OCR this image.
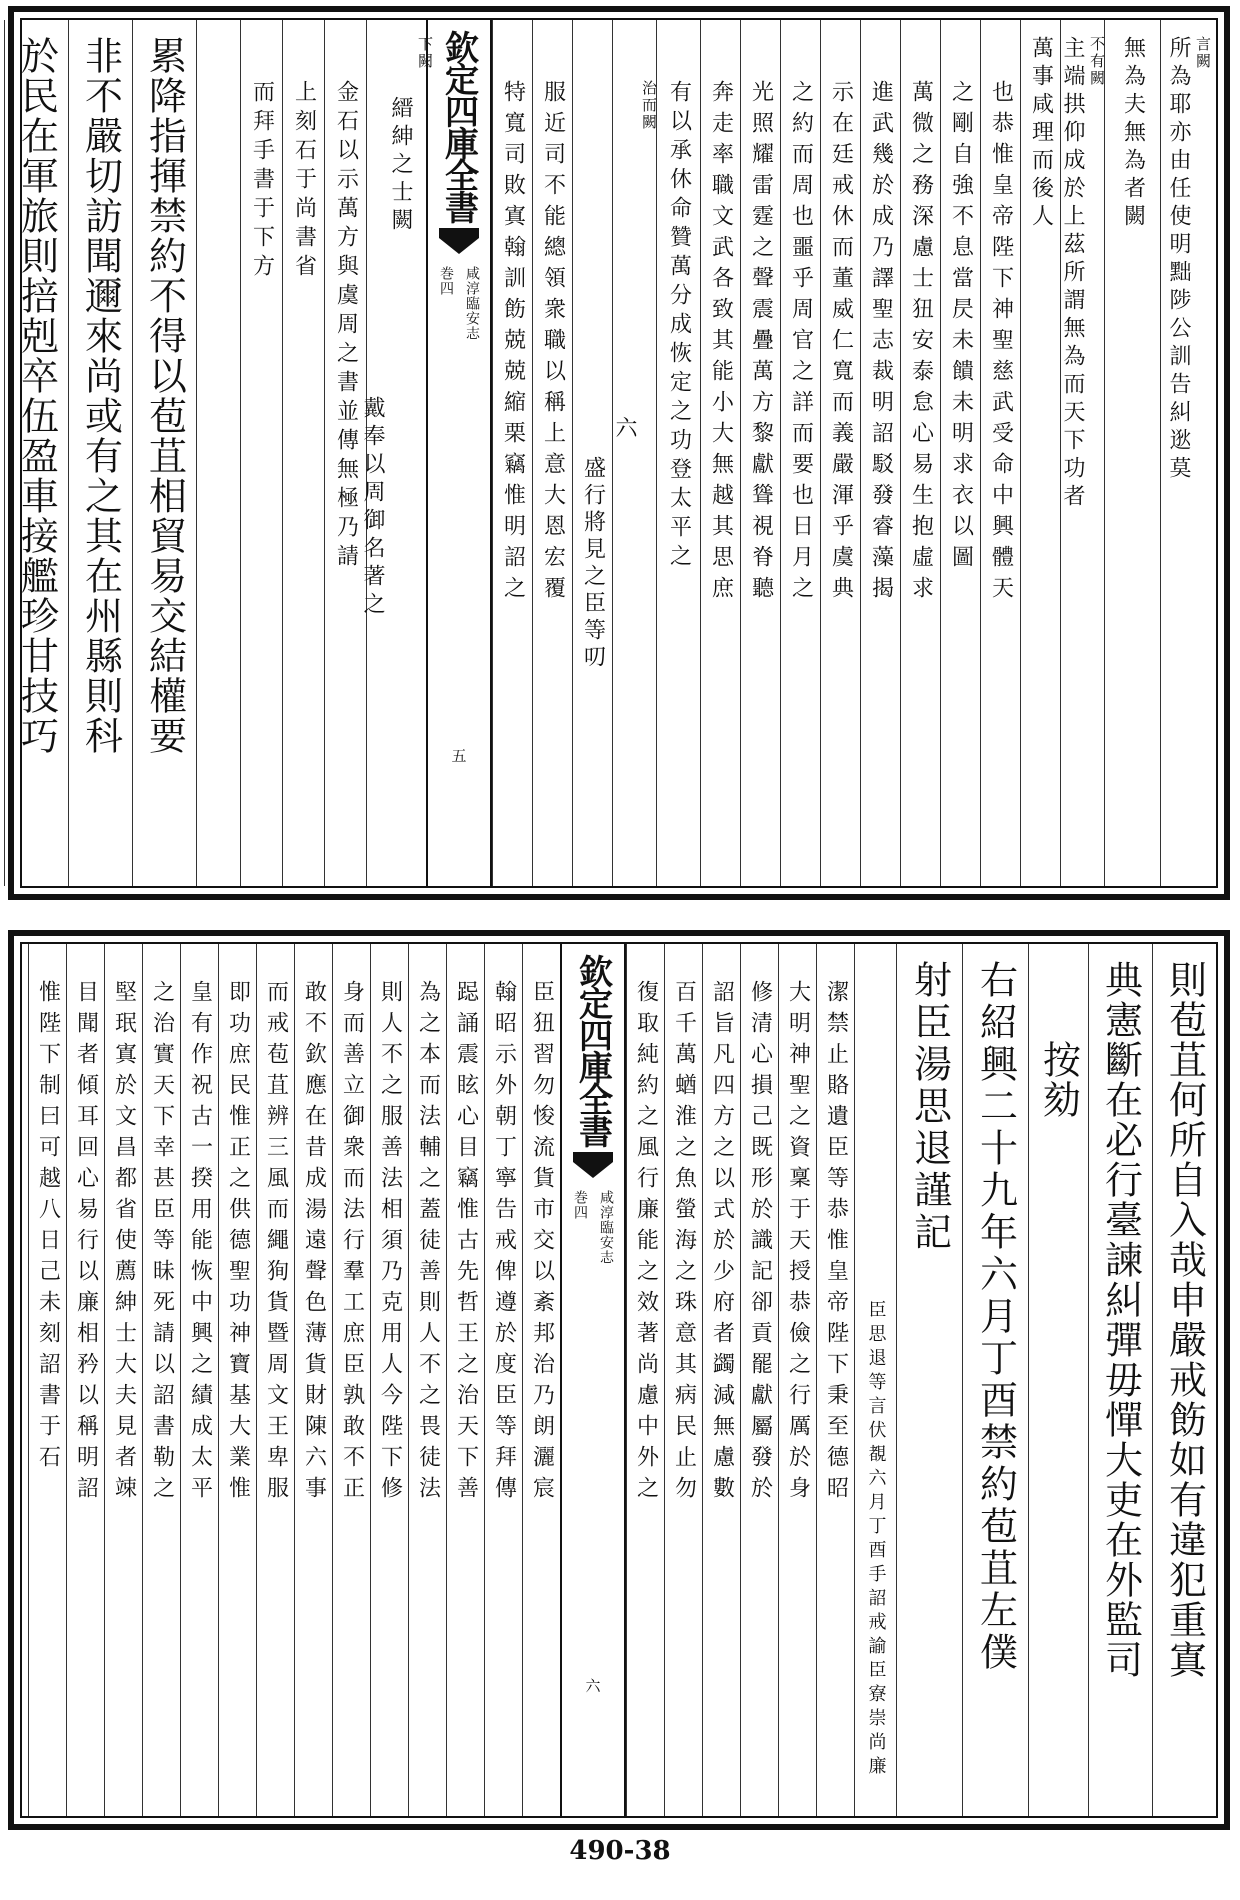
言闕
所為耶亦由任使明黜陟公訓告糾逖莫
無為夫無為者闕
不有闕
主端拱仰成於上茲所謂無為而天下功者
萬事咸理而後人
也恭惟皇帝陛下神聖慈武受命中興體天
之剛自強不息當昃未饋未明求衣以圖
萬微之務深慮士狃安泰怠心易生抱虛求
進武幾於成乃譯聖志裁明詔駁發睿藻揭
示在廷戒休而董威仁寬而義嚴渾乎虞典
之約而周也噩乎周官之詳而要也日月之
光照耀雷霆之聲震疊萬方黎獻聳視脊聽
奔走率職文武各致其能小大無越其思庶
有以承休命贊萬分成恢定之功登太平之
治而闕
六
盛行將見之臣等叨
服近司不能總領衆職以稱上意大恩宏覆
特寬司敗寘翰訓飭兢兢縮栗竊惟明詔之
欽定四庫全書
咸淳臨安志
巻四
五
下闕
縉紳之士闕
戴奉以周御名著之
金石以示萬方與虞周之書並傳無極乃請
上刻石于尚書省
而拜手書于下方
累降指揮禁約不得以苞苴相貿易交結權要
非不嚴切訪聞邇來尚或有之其在州縣則科
於民在軍旅則掊剋卒伍盈車接艦珍甘技巧
則苞苴何所自入哉申嚴戒飭如有違犯重寘
典憲斷在必行臺諫糾彈毋憚大吏在外監司
按劾
右紹興二十九年六月丁酉禁約苞苴左僕
射臣湯思退謹記
臣思退等言伏覩六月丁酉手詔戒諭臣寮崇尚廉
潔禁止賂遺臣等恭惟皇帝陛下秉至德昭
大明神聖之資稟于天授恭儉之行厲於身
修清心損己既形於識記卻貢罷獻屬發於
詔旨凡四方之以式於少府者蠲減無慮數
百千萬蝤淮之魚螢海之珠意其病民止勿
復取純約之風行廉能之效著尚慮中外之
欽定四庫全書
咸淳臨安志
巻四
六
臣狃習勿悛流貨市交以紊邦治乃朗灑宸
翰昭示外朝丁寧告戒俾遵於度臣等拜傳
跽誦震眩心目竊惟古先哲王之治天下善
為之本而法輔之蓋徒善則人不之畏徒法
則人不之服善法相須乃克用人今陛下修
身而善立御衆而法行羣工庶臣孰敢不正
敢不欽應在昔成湯遠聲色薄貨財陳六事
而戒苞苴辨三風而繩狥貨暨周文王卑服
即功庶民惟正之供德聖功神寶基大業惟
皇有作祝古一揆用能恢中興之績成太平
之治實天下幸甚臣等昧死請以詔書勒之
堅珉寘於文昌都省使薦紳士大夫見者竦
目聞者傾耳回心易行以廉相矜以稱明詔
惟陛下制曰可越八日己未刻詔書于石
490-38
